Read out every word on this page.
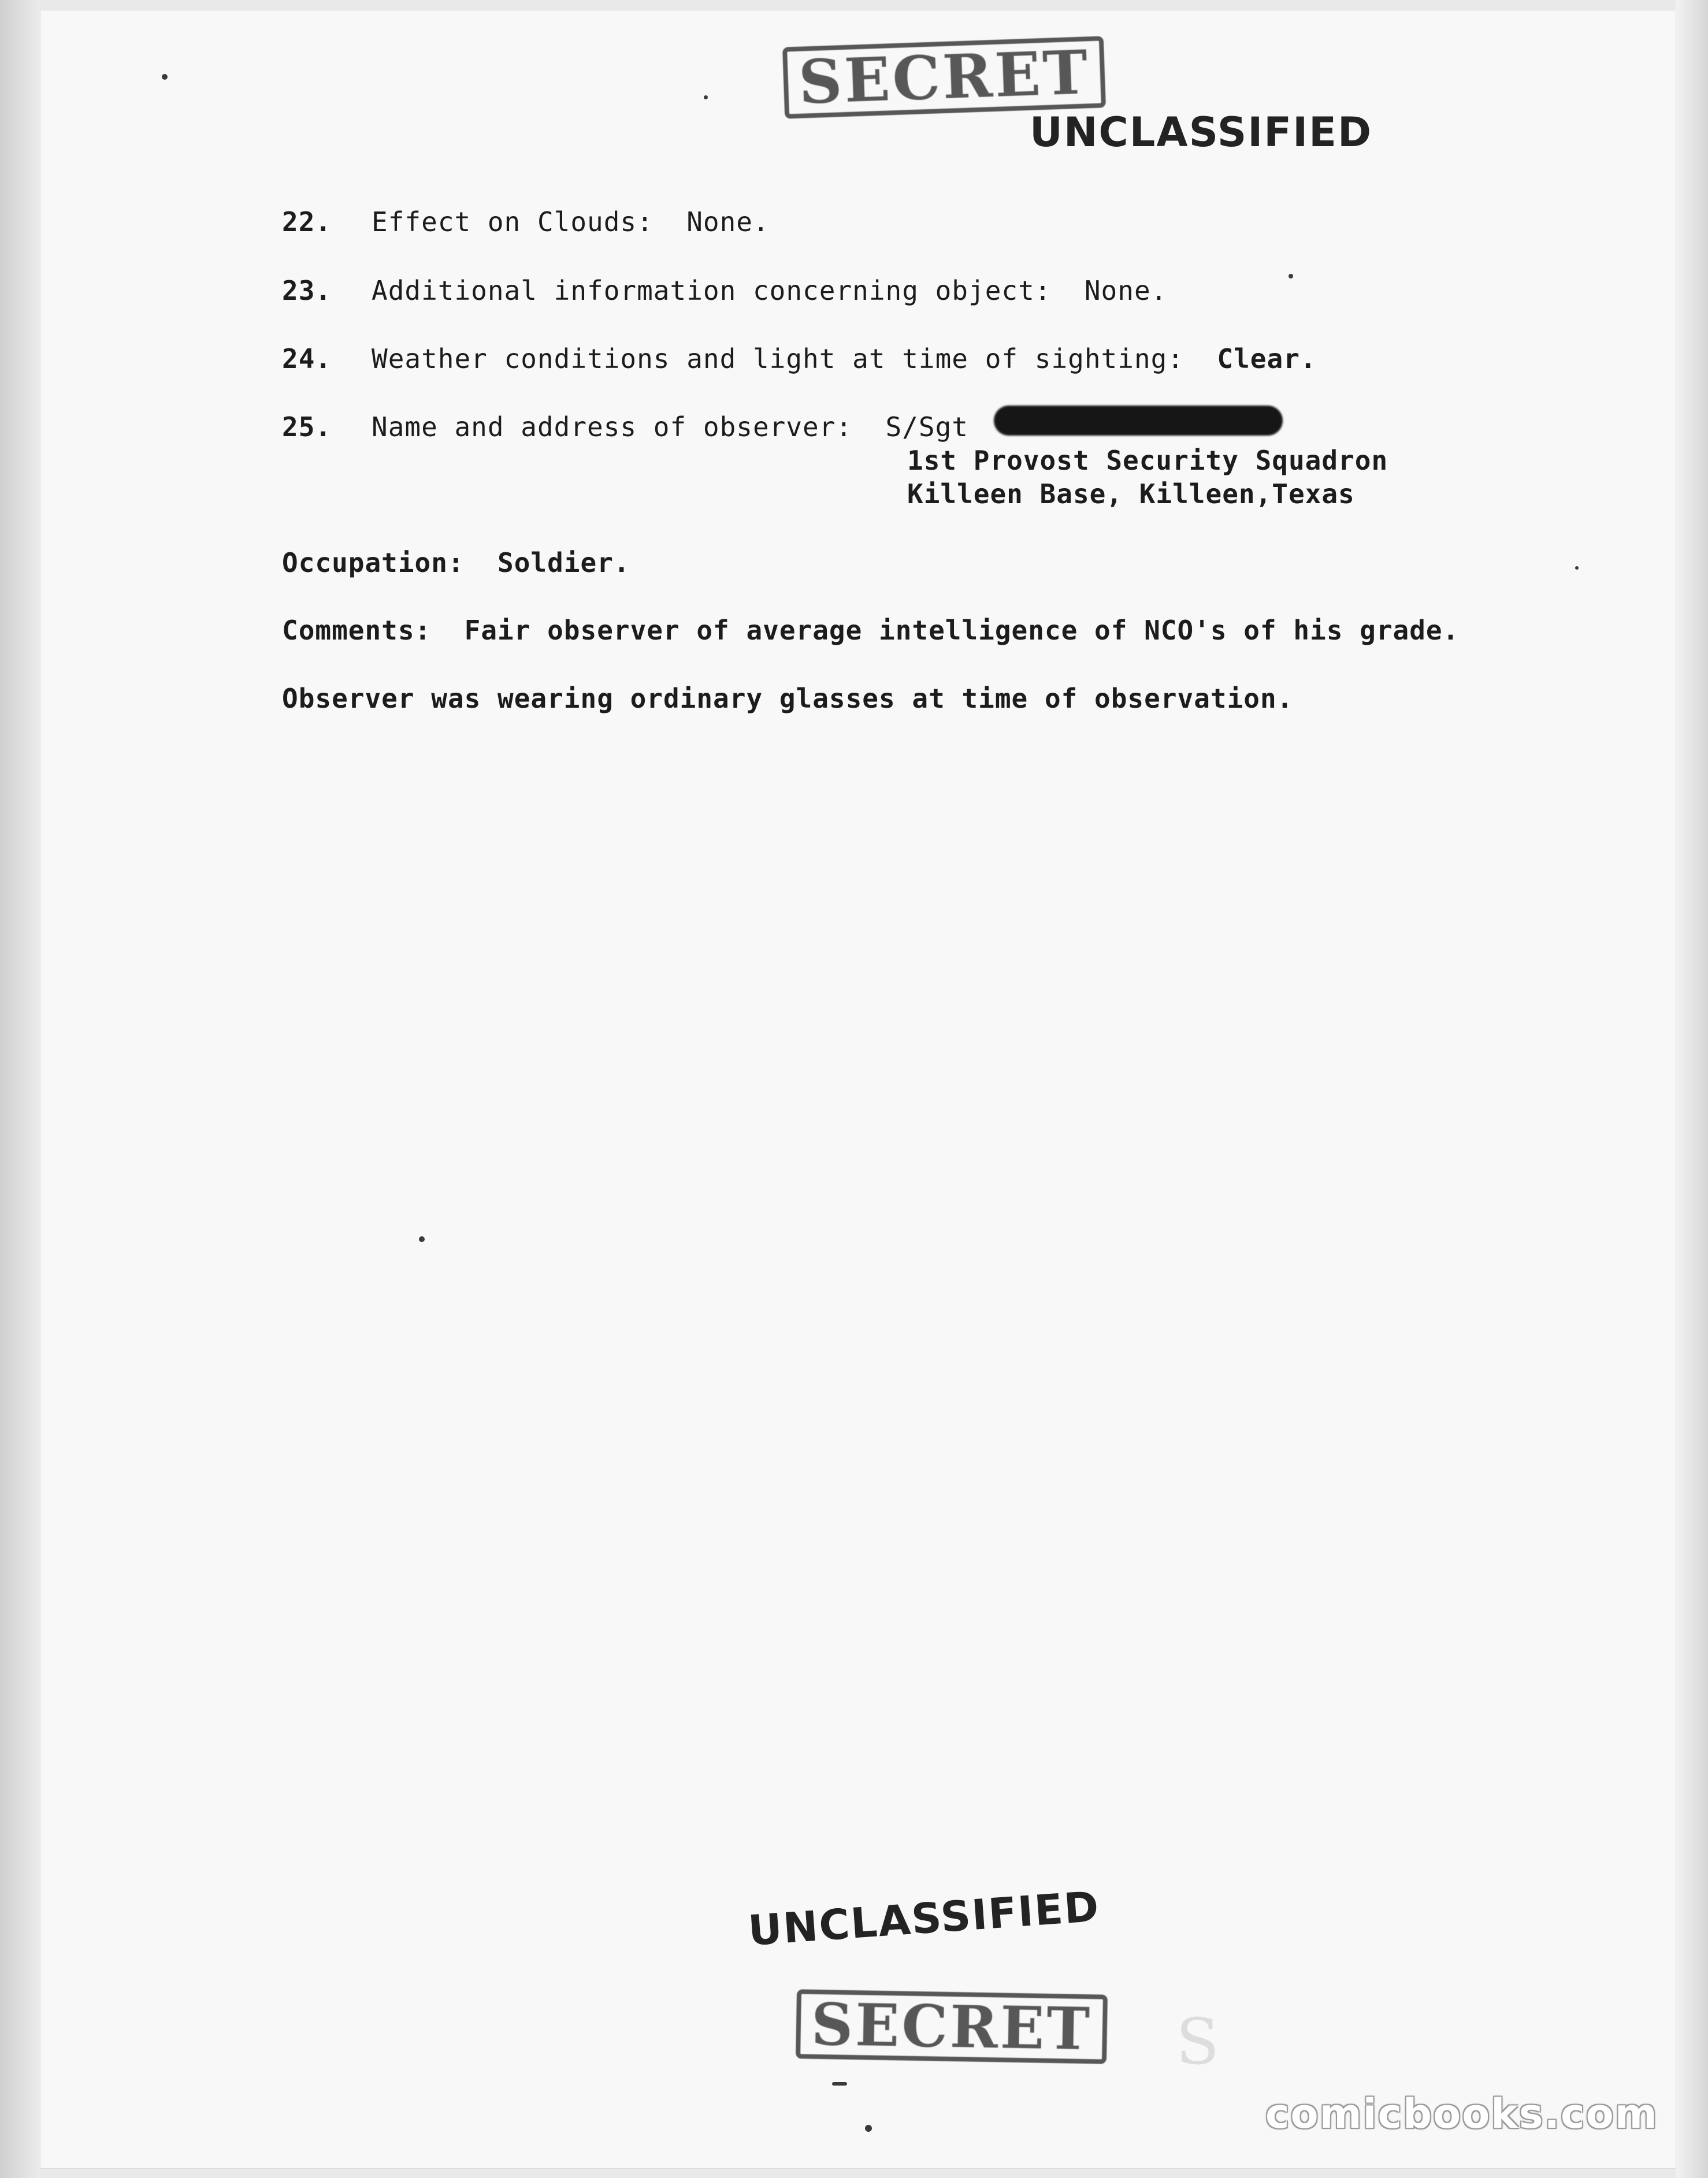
SECRET
UNCLASSIFIED
22. Effect on Clouds: None.
23. Additional information concerning object: None.
24. Weather conditions and light at time of sighting: Clear.
25. Name and address of observer: S/Sgt
1st Provost Security Squadron
Killeen Base, Killeen,Texas
Occupation: Soldier.
Comments: Fair observer of average intelligence of NCO's of his grade.
Observer was wearing ordinary glasses at time of observation.
UNCLASSIFIED
SECRET S
comicbooks.com
